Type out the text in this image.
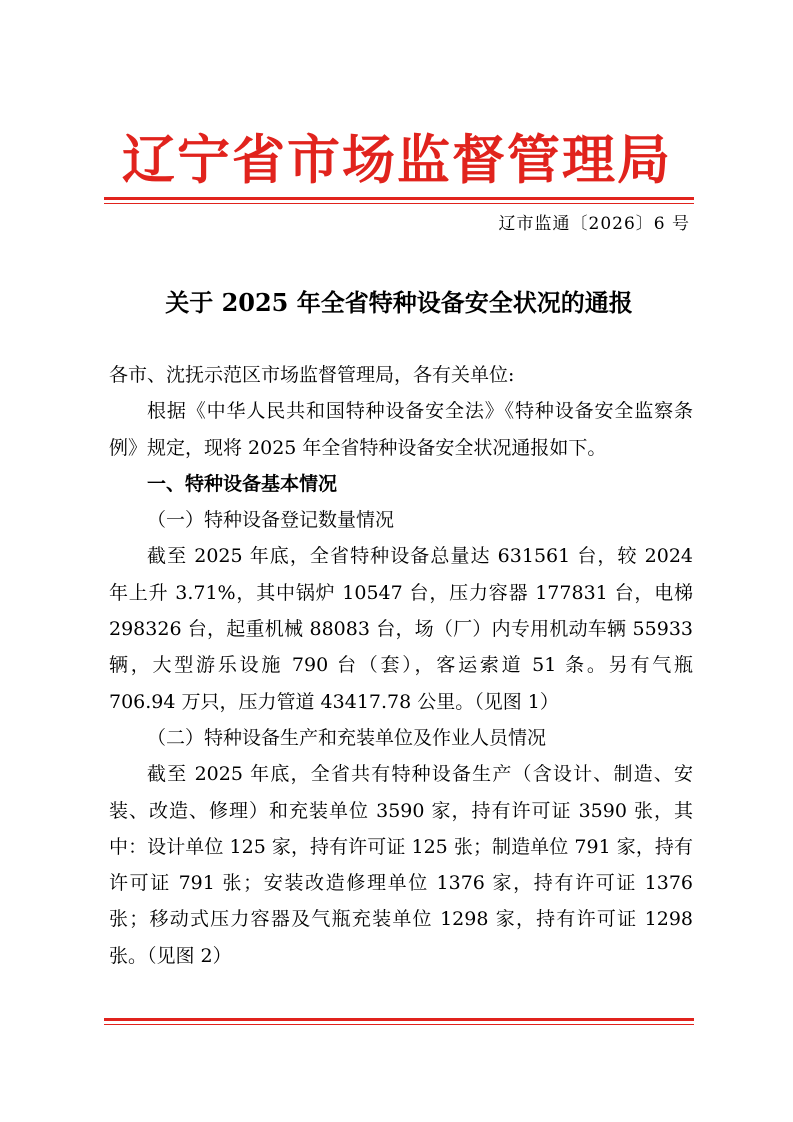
辽宁省市场监督管理局
辽市监通〔2026〕6 号
关于 2025 年全省特种设备安全状况的通报

各市、沈抚示范区市场监督管理局，各有关单位:

根据《中华人民共和国特种设备安全法》《特种设备安全监察条例》规定，现将 2025 年全省特种设备安全状况通报如下。

一、特种设备基本情况

（一）特种设备登记数量情况

截至 2025 年底，全省特种设备总量达 631561 台，较 2024 年上升 3.71%，其中锅炉 10547 台，压力容器 177831 台，电梯 298326 台，起重机械 88083 台，场（厂）内专用机动车辆 55933 辆，大型游乐设施 790 台（套），客运索道 51 条。另有气瓶 706.94 万只，压力管道 43417.78 公里。（见图 1）

（二）特种设备生产和充装单位及作业人员情况

截至 2025 年底，全省共有特种设备生产（含设计、制造、安装、改造、修理）和充装单位 3590 家，持有许可证 3590 张，其中：设计单位 125 家，持有许可证 125 张；制造单位 791 家，持有许可证 791 张；安装改造修理单位 1376 家，持有许可证 1376 张；移动式压力容器及气瓶充装单位 1298 家，持有许可证 1298 张。（见图 2）
